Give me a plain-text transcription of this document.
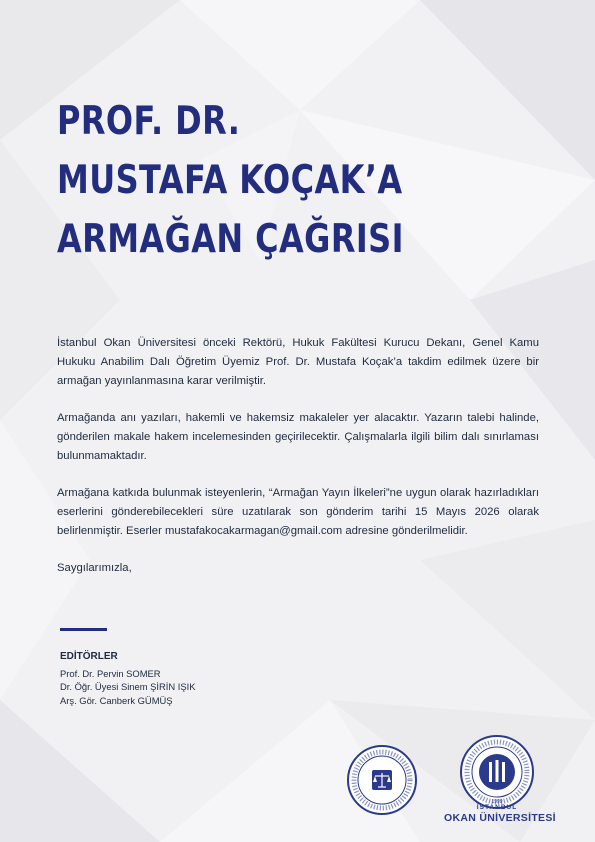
PROF. DR.
MUSTAFA KOÇAK’A
ARMAĞAN ÇAĞRISI

İstanbul Okan Üniversitesi önceki Rektörü, Hukuk Fakültesi Kurucu Dekanı, Genel Kamu Hukuku Anabilim Dalı Öğretim Üyemiz Prof. Dr. Mustafa Koçak’a takdim edilmek üzere bir armağan yayınlanmasına karar verilmiştir.

Armağanda anı yazıları, hakemli ve hakemsiz makaleler yer alacaktır. Yazarın talebi halinde, gönderilen makale hakem incelemesinden geçirilecektir. Çalışmalarla ilgili bilim dalı sınırlaması bulunmamaktadır.

Armağana katkıda bulunmak isteyenlerin, “Armağan Yayın İlkeleri”ne uygun olarak hazırladıkları eserlerini gönderebilecekleri süre uzatılarak son gönderim tarihi 15 Mayıs 2026 olarak belirlenmiştir. Eserler mustafakocakarmagan@gmail.com adresine gönderilmelidir.

Saygılarımızla,

EDİTÖRLER
Prof. Dr. Pervin SOMER
Dr. Öğr. Üyesi Sinem ŞİRİN IŞIK
Arş. Gör. Canberk GÜMÜŞ
1999
İSTANBUL
OKAN ÜNİVERSİTESİ
